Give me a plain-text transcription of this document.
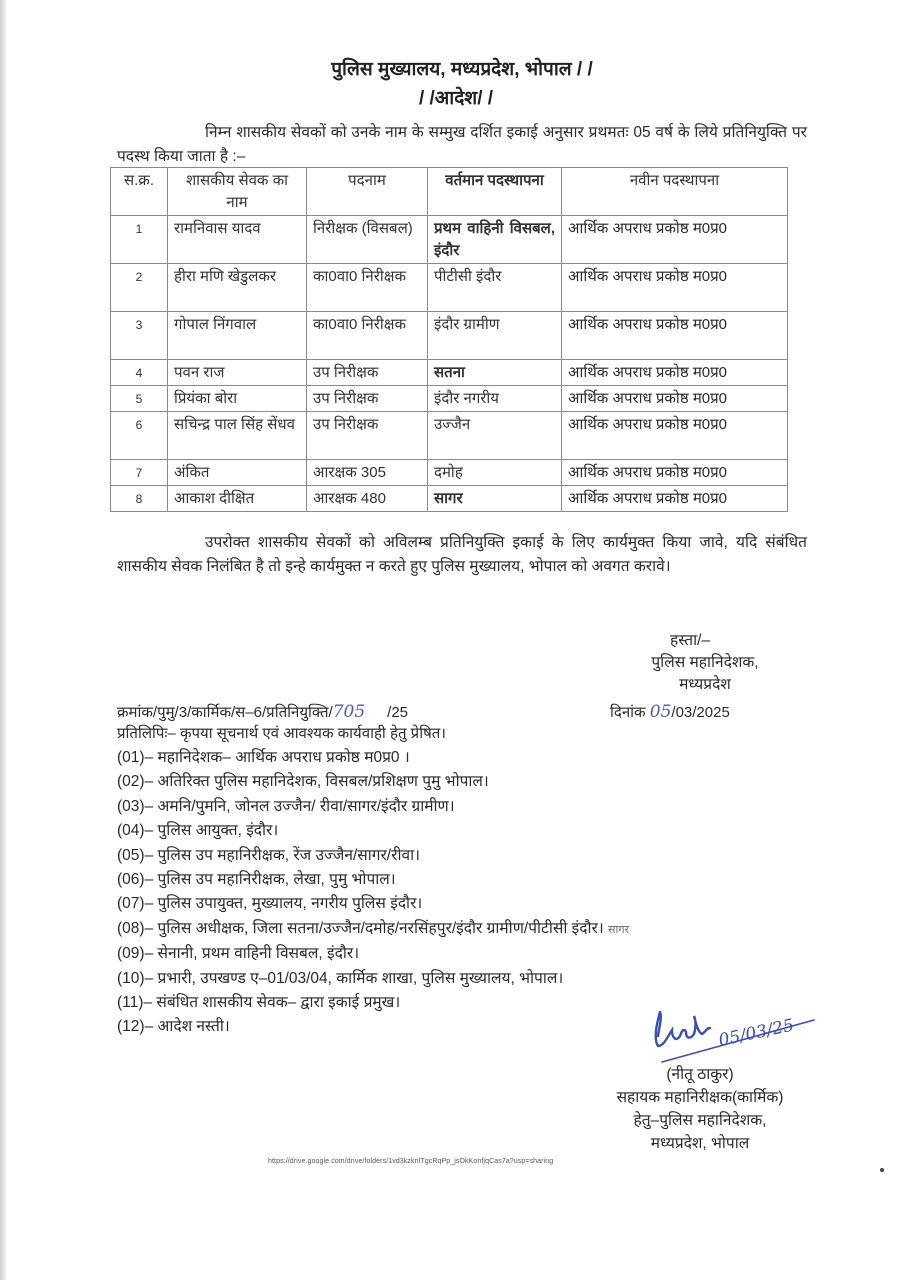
पुलिस मुख्यालय, मध्यप्रदेश, भोपाल / /
/ /आदेश/ /
निम्न शासकीय सेवकों को उनके नाम के सम्मुख दर्शित इकाई अनुसार प्रथमतः 05 वर्ष के लिये प्रतिनियुक्ति पर पदस्थ किया जाता है :–
स.क्र.	शासकीय सेवक का नाम	पदनाम	वर्तमान पदस्थापना	नवीन पदस्थापना
1	रामनिवास यादव	निरीक्षक (विसबल)	प्रथम वाहिनी विसबल, इंदौर	आर्थिक अपराध प्रकोष्ठ म0प्र0
2	हीरा मणि खेडुलकर	का0वा0 निरीक्षक	पीटीसी इंदौर	आर्थिक अपराध प्रकोष्ठ म0प्र0
3	गोपाल निंगवाल	का0वा0 निरीक्षक	इंदौर ग्रामीण	आर्थिक अपराध प्रकोष्ठ म0प्र0
4	पवन राज	उप निरीक्षक	सतना	आर्थिक अपराध प्रकोष्ठ म0प्र0
5	प्रियंका बोरा	उप निरीक्षक	इंदौर नगरीय	आर्थिक अपराध प्रकोष्ठ म0प्र0
6	सचिन्द्र पाल सिंह सेंधव	उप निरीक्षक	उज्जैन	आर्थिक अपराध प्रकोष्ठ म0प्र0
7	अंकित	आरक्षक 305	दमोह	आर्थिक अपराध प्रकोष्ठ म0प्र0
8	आकाश दीक्षित	आरक्षक 480	सागर	आर्थिक अपराध प्रकोष्ठ म0प्र0
उपरोक्त शासकीय सेवकों को अविलम्ब प्रतिनियुक्ति इकाई के लिए कार्यमुक्त किया जावे, यदि संबंधित शासकीय सेवक निलंबित है तो इन्हे कार्यमुक्त न करते हुए पुलिस मुख्यालय, भोपाल को अवगत करावे।
हस्ता/–
पुलिस महानिदेशक,
मध्यप्रदेश
क्रमांक/पुमु/3/कार्मिक/स–6/प्रतिनियुक्ति/705 /25	दिनांक 05/03/2025
प्रतिलिपिः– कृपया सूचनार्थ एवं आवश्यक कार्यवाही हेतु प्रेषित।
(01)– महानिदेशक– आर्थिक अपराध प्रकोष्ठ म0प्र0 ।
(02)– अतिरिक्त पुलिस महानिदेशक, विसबल/प्रशिक्षण पुमु भोपाल।
(03)– अमनि/पुमनि, जोनल उज्जैन/ रीवा/सागर/इंदौर ग्रामीण।
(04)– पुलिस आयुक्त, इंदौर।
(05)– पुलिस उप महानिरीक्षक, रेंज उज्जैन/सागर/रीवा।
(06)– पुलिस उप महानिरीक्षक, लेखा, पुमु भोपाल।
(07)– पुलिस उपायुक्त, मुख्यालय, नगरीय पुलिस इंदौर।
(08)– पुलिस अधीक्षक, जिला सतना/उज्जैन/दमोह/नरसिंहपुर/इंदौर ग्रामीण/पीटीसी इंदौर। सागर
(09)– सेनानी, प्रथम वाहिनी विसबल, इंदौर।
(10)– प्रभारी, उपखण्ड ए–01/03/04, कार्मिक शाखा, पुलिस मुख्यालय, भोपाल।
(11)– संबंधित शासकीय सेवक– द्वारा इकाई प्रमुख।
(12)– आदेश नस्ती।	05/03/25
(नीतू ठाकुर)
सहायक महानिरीक्षक(कार्मिक)
हेतु–पुलिस महानिदेशक,
मध्यप्रदेश, भोपाल
https://drive.google.com/drive/folders/1vd3kzkrilTgcRqPp_jsOkKonfjqCas7a?usp=sharing
